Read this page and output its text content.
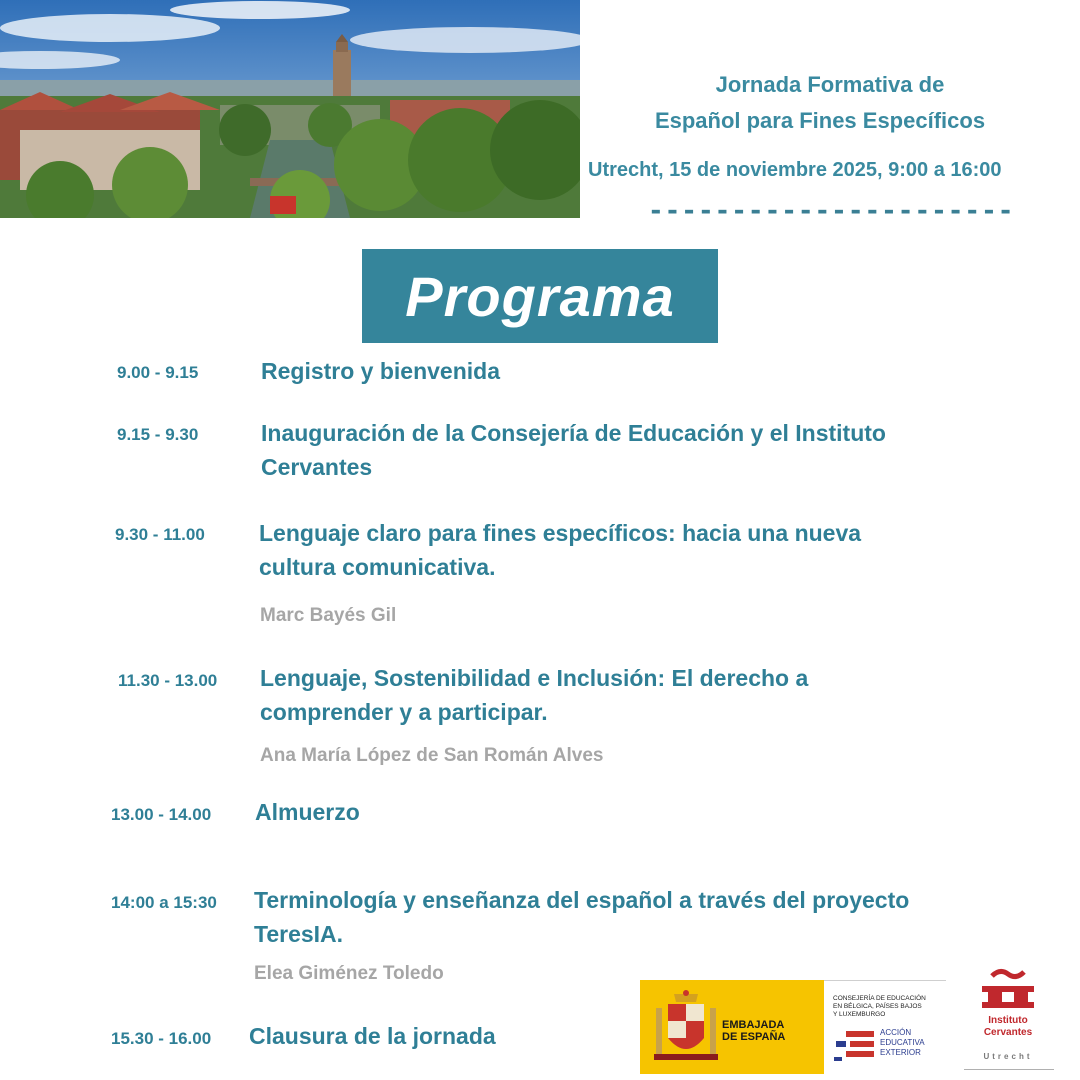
Jornada Formativa de
Español para Fines Específicos
Utrecht, 15 de noviembre 2025, 9:00 a 16:00
----------------------
Programa
9.00 - 9.15	Registro y bienvenida
9.15 - 9.30	Inauguración de la Consejería de Educación y el Instituto Cervantes
9.30 - 11.00 Lenguaje claro para fines específicos: hacia una nueva cultura comunicativa.
Marc Bayés Gil
11.30 - 13.00 Lenguaje, Sostenibilidad e Inclusión: El derecho a comprender y a participar.
Ana María López de San Román Alves
13.00 - 14.00 Almuerzo
14:00 a 15:30 Terminología y enseñanza del español a través del proyecto TeresIA.
Elea Giménez Toledo
15.30 - 16.00 Clausura de la jornada	EMBAJADA
DE ESPAÑA
CONSEJERÍA DE EDUCACIÓN
EN BÉLGICA, PAÍSES BAJOS
Y LUXEMBURGO
ACCIÓN
EDUCATIVA
EXTERIOR
Instituto
Cervantes
Utrecht
